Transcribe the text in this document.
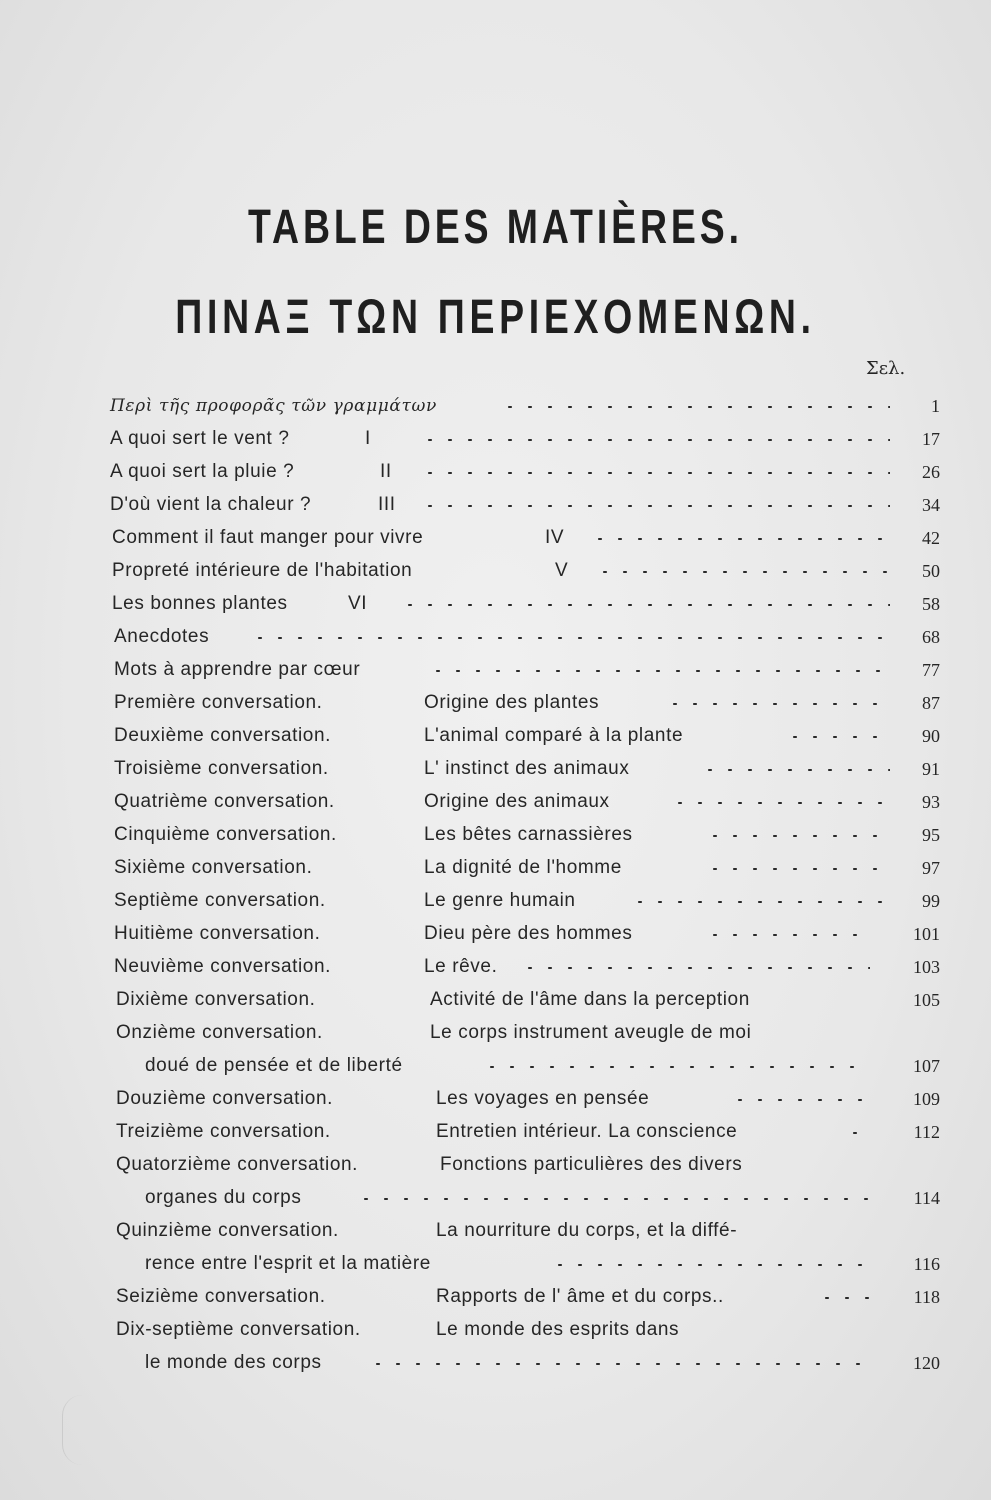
TABLE DES MATIÈRES.
ΠΙΝΑΞ ΤΩΝ ΠΕΡΙΕΧΟΜΕΝΩΝ.
Σελ.
Περὶ τῆς προφορᾶς τῶν γραμμάτων	1
A quoi sert le vent ?	I	17
A quoi sert la pluie ?	II	26
D'où vient la chaleur ?	III	34
Comment il faut manger pour vivre	IV	42
Propreté intérieure de l'habitation	V	50
Les bonnes plantes	VI	58
Anecdotes	68
Mots à apprendre par cœur	77
Première conversation.	Origine des plantes	87
Deuxième conversation.	L'animal comparé à la plante	90
Troisième conversation.	L' instinct des animaux	91
Quatrième conversation.	Origine des animaux	93
Cinquième conversation.	Les bêtes carnassières	95
Sixième conversation.	La dignité de l'homme	97
Septième conversation.	Le genre humain	99
Huitième conversation.	Dieu père des hommes	101
Neuvième conversation.	Le rêve.	103
Dixième conversation.	Activité de l'âme dans la perception	105
Onzième conversation.	Le corps instrument aveugle de moi
doué de pensée et de liberté	107
Douzième conversation.	Les voyages en pensée	109
Treizième conversation.	Entretien intérieur. La conscience	112
Quatorzième conversation.	Fonctions particulières des divers
organes du corps	114
Quinzième conversation.	La nourriture du corps, et la diffé-
rence entre l'esprit et la matière	116
Seizième conversation.	Rapports de l' âme et du corps..	118
Dix-septième conversation.	Le monde des esprits dans
le monde des corps	120
